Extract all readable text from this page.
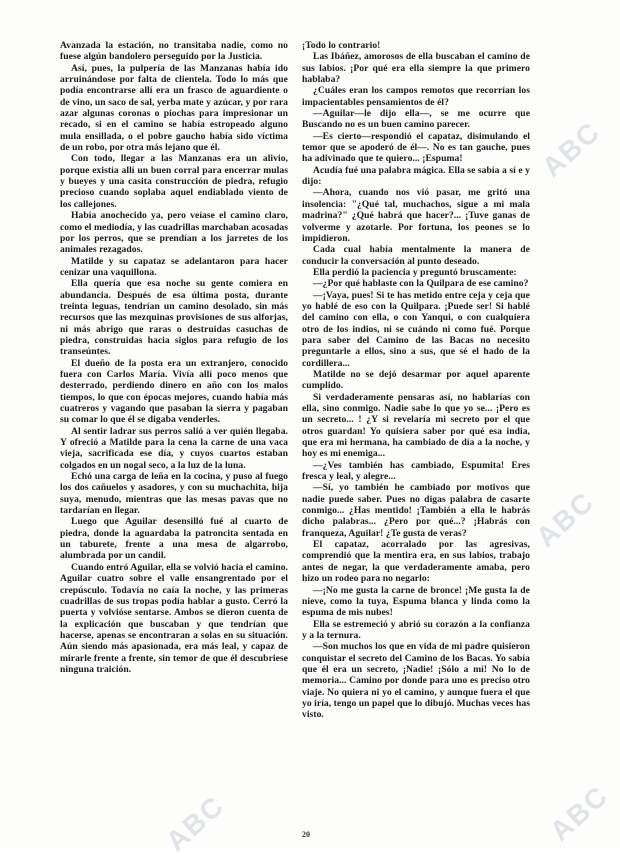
Avanzada la estación, no transitaba nadie, como no fuese algún bandolero perseguido por la Justicia.

Así, pues, la pulpería de las Manzanas había ido arruinándose por falta de clientela. Todo lo más que podía encontrarse allí era un frasco de aguardiente o de vino, un saco de sal, yerba mate y azúcar, y por rara azar algunas coronas o piochas para impresionar un recado, si en el camino se había estropeado alguno mula ensillada, o el pobre gaucho había sido víctima de un robo, por otra más lejano que él.

Con todo, llegar a las Manzanas era un alivio, porque existía allí un buen corral para encerrar mulas y bueyes y una casita construcción de piedra, refugio precioso cuando soplaba aquel endiablado viento de los callejones.

Había anochecido ya, pero veíase el camino claro, como el mediodía, y las cuadrillas marchaban acosadas por los perros, que se prendían a los jarretes de los animales rezagados.

Matilde y su capataz se adelantaron para hacer cenizar una vaquillona.

Ella quería que esa noche su gente comiera en abundancia. Después de esa última posta, durante treinta leguas, tendrían un camino desolado, sin más recursos que las mezquinas provisiones de sus alforjas, ni más abrigo que raras o destruidas casuchas de piedra, construidas hacia siglos para refugio de los transeúntes.

El dueño de la posta era un extranjero, conocido fuera con Carlos María. Vivía allí poco menos que desterrado, perdiendo dinero en año con los malos tiempos, lo que con épocas mejores, cuando había más cuatreros y vagando que pasaban la sierra y pagaban su comar lo que él se digaba venderles.

Al sentir ladrar sus perros salió a ver quién llegaba. Y ofreció a Matilde para la cena la carne de una vaca vieja, sacrificada ese día, y cuyos cuartos estaban colgados en un nogal seco, a la luz de la luna.

Echó una carga de leña en la cocina, y puso al fuego los dos cañuelos y asadores, y con su muchachita, hija suya, menudo, mientras que las mesas pavas que no tardarían en llegar.

Luego que Aguilar desensilló fué al cuarto de piedra, donde la aguardaba la patroncita sentada en un taburete, frente a una mesa de algarrobo, alumbrada por un candil.

Cuando entró Aguilar, ella se volvió hacia el camino. Aguilar cuatro sobre el valle ensangrentado por el crepúsculo. Todavía no caía la noche, y las primeras cuadrillas de sus tropas podía hablar a gusto. Cerró la puerta y volvióse sentarse. Ambos se dieron cuenta de la explicación que buscaban y que tendrían que hacerse, apenas se encontraran a solas en su situación. Aún siendo más apasionada, era más leal, y capaz de mirarle frente a frente, sin temor de que él descubriese ninguna traición.

¡Todo lo contrario!

Las Ibáñez, amorosos de ella buscaban el camino de sus labios. ¡Por qué era ella siempre la que primero hablaba?

¿Cuáles eran los campos remotos que recorrían los impacientables pensamientos de él?

—Aguilar—le dijo ella—, se me ocurre que Buscando no es un buen camino parecer.

—Es cierto—respondió el capataz, disimulando el temor que se apoderó de él—. No es tan gauche, pues ha adivinado que te quiero... ¡Espuma!

Acudía fué una palabra mágica. Ella se sabía a sí e y dijo:

—Ahora, cuando nos vió pasar, me gritó una insolencia: "¿Qué tal, muchachos, sigue a mi mala madrina?" ¿Qué habrá que hacer?... ¡Tuve ganas de volverme y azotarle. Por fortuna, los peones se lo impidieron.

Cada cual había mentalmente la manera de conducir la conversación al punto deseado.

Ella perdió la paciencia y preguntó bruscamente:

—¿Por qué hablaste con la Quilpara de ese camino?

—¡Vaya, pues! Si te has metido entre ceja y ceja que yo hablé de eso con la Quilpara. ¡Puede ser! Si hablé del camino con ella, o con Yanqui, o con cualquiera otro de los indios, ni se cuándo ni como fué. Porque para saber del Camino de las Bacas no necesito preguntarle a ellos, sino a sus, que sé el hado de la cordillera...

Matilde no se dejó desarmar por aquel aparente cumplido.

Si verdaderamente pensaras así, no hablarías con ella, sino conmigo. Nadie sabe lo que yo se... ¡Pero es un secreto... ! ¿Y si revelaría mi secreto por el que otros guardan! Yo quisiera saber por qué esa india, que era mi hermana, ha cambiado de día a la noche, y hoy es mi enemiga...

—¿Ves también has cambiado, Espumita! Eres fresca y leal, y alegre...

—Sí, yo también he cambiado por motivos que nadie puede saber. Pues no digas palabra de casarte conmigo... ¿Has mentido! ¡También a ella le habrás dicho palabras... ¿Pero por qué...? ¡Habrás con franqueza, Aguilar! ¿Te gusta de veras?

El capataz, acorralado por las agresivas, comprendió que la mentira era, en sus labios, trabajo antes de negar, la que verdaderamente amaba, pero hizo un rodeo para no negarlo:

—¡No me gusta la carne de bronce! ¡Me gusta la de nieve, como la tuya, Espuma blanca y linda como la espuma de mis nubes!

Ella se estremeció y abrió su corazón a la confianza y a la ternura.

—Son muchos los que en vida de mi padre quisieron conquistar el secreto del Camino de los Bacas. Yo sabía que él era un secreto, ¡Nadie! ¡Sólo a mí! No lo de memoria... Camino por donde para uno es preciso otro viaje. No quiera ni yo el camino, y aunque fuera el que yo iría, tengo un papel que lo dibujó. Muchas veces has visto.

ABC
ABC
ABC	ABC
20
